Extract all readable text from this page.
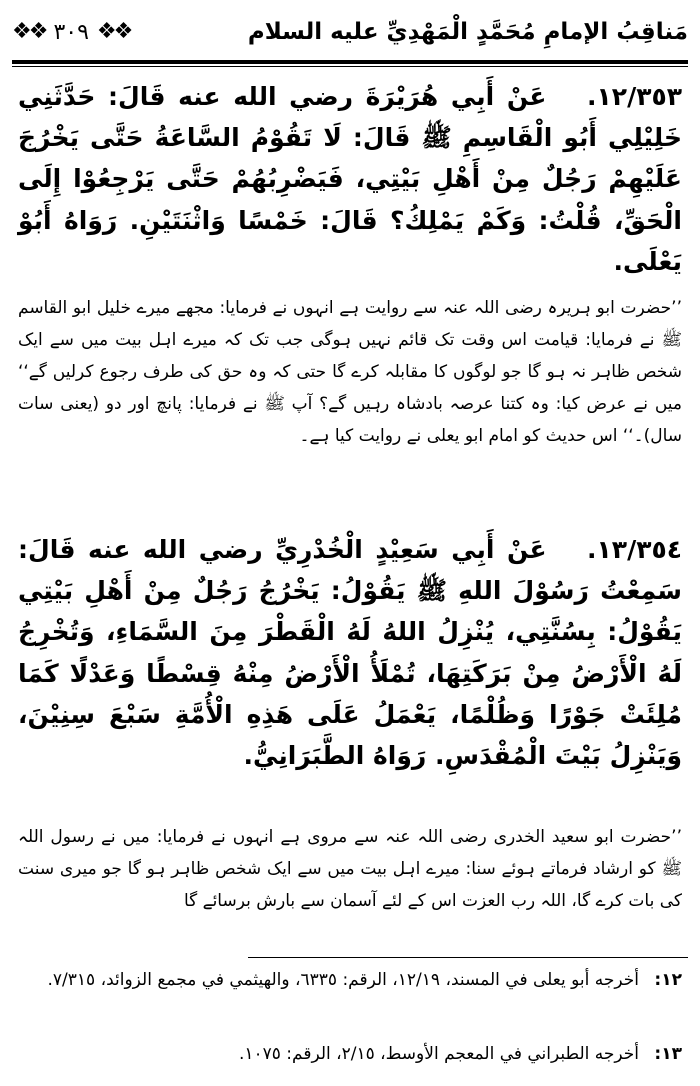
مَناقِبُ الإمامِ مُحَمَّدٍ الْمَهْدِيِّ عليه السلام
❖❖ ٣٠٩ ❖❖
١٢/٣٥٣. عَنْ أَبِي هُرَيْرَةَ رضي الله عنه قَالَ: حَدَّثَنِي خَلِيْلِي أَبُو الْقَاسِمِ ﷺ قَالَ: لَا تَقُوْمُ السَّاعَةُ حَتَّى يَخْرُجَ عَلَيْهِمْ رَجُلٌ مِنْ أَهْلِ بَيْتِي، فَيَضْرِبُهُمْ حَتَّى يَرْجِعُوْا إِلَى الْحَقِّ، قُلْتُ: وَكَمْ يَمْلِكُ؟ قَالَ: خَمْسًا وَاثْنَتَيْنِ. رَوَاهُ أَبُوْ يَعْلَى.
’’حضرت ابو ہریرہ رضی اللہ عنہ سے روایت ہے انہوں نے فرمایا: مجھے میرے خلیل ابو القاسم ﷺ نے فرمایا: قیامت اس وقت تک قائم نہیں ہوگی جب تک کہ میرے اہل بیت میں سے ایک شخص ظاہر نہ ہو گا جو لوگوں کا مقابلہ کرے گا حتی کہ وہ حق کی طرف رجوع کرلیں گے‘‘ میں نے عرض کیا: وہ کتنا عرصہ بادشاہ رہیں گے؟ آپ ﷺ نے فرمایا: پانچ اور دو (یعنی سات سال)۔‘‘ اس حدیث کو امام ابو یعلی نے روایت کیا ہے۔
١٣/٣٥٤. عَنْ أَبِي سَعِيْدٍ الْخُدْرِيِّ رضي الله عنه قَالَ: سَمِعْتُ رَسُوْلَ اللهِ ﷺ يَقُوْلُ: يَخْرُجُ رَجُلٌ مِنْ أَهْلِ بَيْتِي يَقُوْلُ: بِسُنَّتِي، يُنْزِلُ اللهُ لَهُ الْقَطْرَ مِنَ السَّمَاءِ، وَتُخْرِجُ لَهُ الْأَرْضُ مِنْ بَرَكَتِهَا، تُمْلَأُ الْأَرْضُ مِنْهُ قِسْطًا وَعَدْلًا كَمَا مُلِئَتْ جَوْرًا وَظُلْمًا، يَعْمَلُ عَلَى هَذِهِ الْأُمَّةِ سَبْعَ سِنِيْنَ، وَيَنْزِلُ بَيْتَ الْمُقْدَسِ. رَوَاهُ الطَّبَرَانِيُّ.
’’حضرت ابو سعید الخدری رضی اللہ عنہ سے مروی ہے انہوں نے فرمایا: میں نے رسول اللہ ﷺ کو ارشاد فرماتے ہوئے سنا: میرے اہل بیت میں سے ایک شخص ظاہر ہو گا جو میری سنت کی بات کرے گا، اللہ رب العزت اس کے لئے آسمان سے بارش برسائے گا
١٢: أخرجه أبو يعلى في المسند، ١٢/١٩، الرقم: ٦٣٣٥، والهيثمي في مجمع الزوائد، ٧/٣١٥.
١٣: أخرجه الطبراني في المعجم الأوسط، ٢/١٥، الرقم: ١٠٧٥.
